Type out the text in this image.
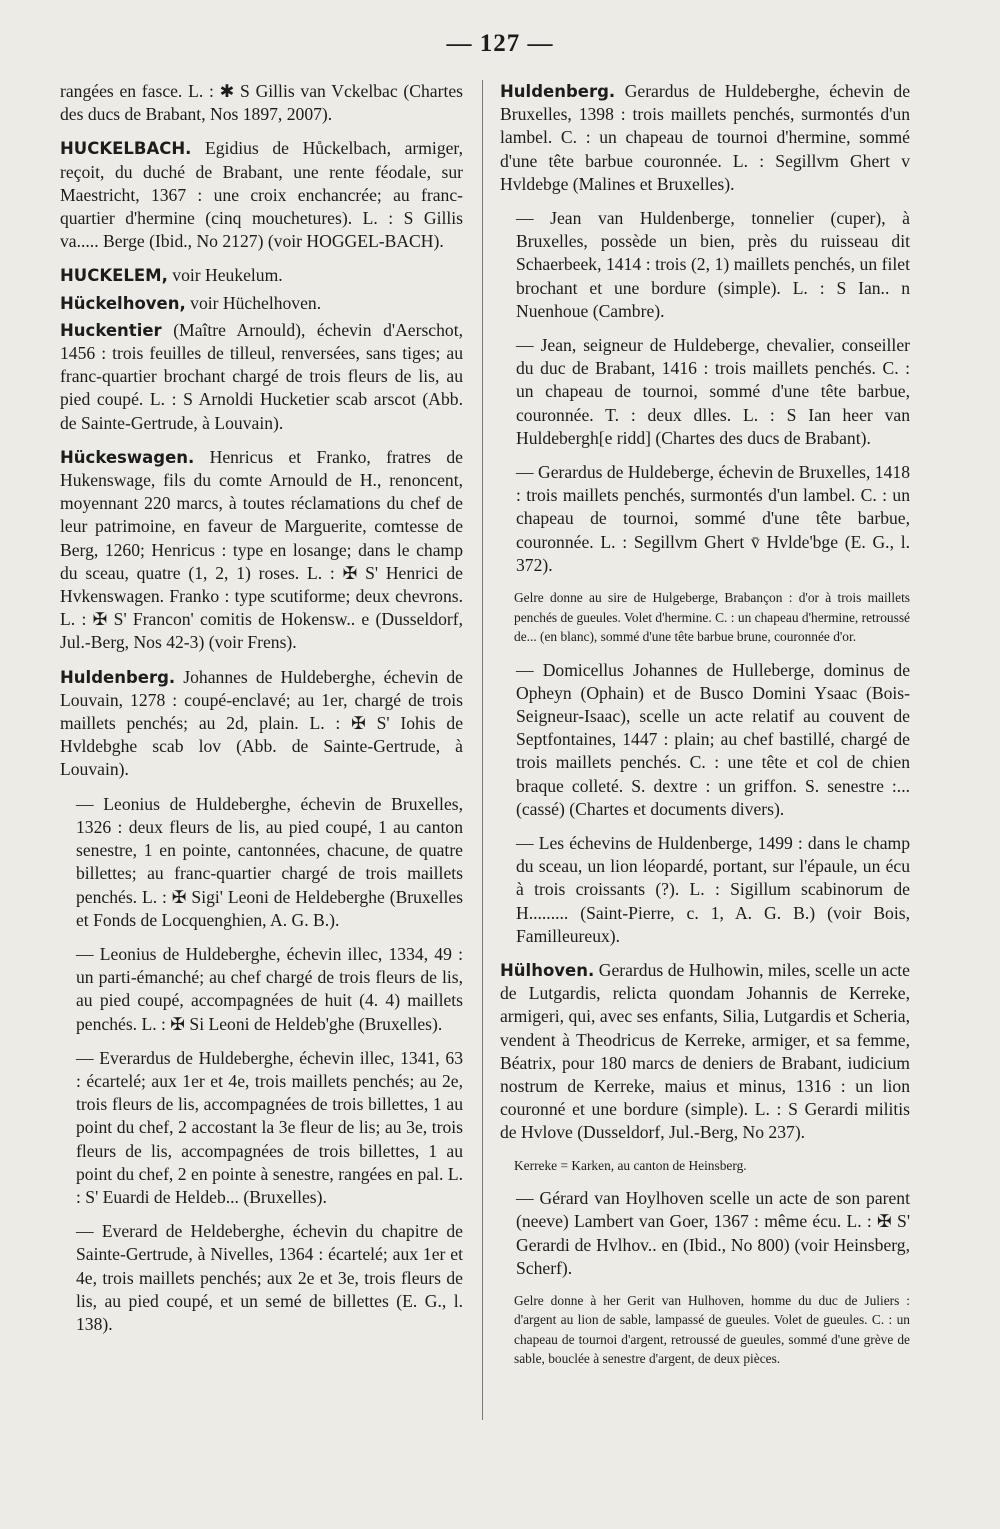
— 127 —

rangées en fasce. L. : ✱ S Gillis van Vckelbac (Chartes des ducs de Brabant, Nos 1897, 2007).

HUCKELBACH. Egidius de Hůckelbach, armiger, reçoit, du duché de Brabant, une rente féodale, sur Maestricht, 1367 : une croix enchancrée; au franc-quartier d'hermine (cinq mouchetures). L. : S Gillis va..... Berge (Ibid., No 2127) (voir HOGGEL-BACH).

HUCKELEM, voir Heukelum.

Hückelhoven, voir Hüchelhoven.

Huckentier (Maître Arnould), échevin d'Aerschot, 1456 : trois feuilles de tilleul, renversées, sans tiges; au franc-quartier brochant chargé de trois fleurs de lis, au pied coupé. L. : S Arnoldi Hucketier scab arscot (Abb. de Sainte-Gertrude, à Louvain).

Hückeswagen. Henricus et Franko, fratres de Hukenswage, fils du comte Arnould de H., renoncent, moyennant 220 marcs, à toutes réclamations du chef de leur patrimoine, en faveur de Marguerite, comtesse de Berg, 1260; Henricus : type en losange; dans le champ du sceau, quatre (1, 2, 1) roses. L. : ✠ S' Henrici de Hvkenswagen. Franko : type scutiforme; deux chevrons. L. : ✠ S' Francon' comitis de Hokensw.. e (Dusseldorf, Jul.-Berg, Nos 42-3) (voir Frens).

Huldenberg. Johannes de Huldeberghe, échevin de Louvain, 1278 : coupé-enclavé; au 1er, chargé de trois maillets penchés; au 2d, plain. L. : ✠ S' Iohis de Hvldebghe scab lov (Abb. de Sainte-Gertrude, à Louvain).

— Leonius de Huldeberghe, échevin de Bruxelles, 1326 : deux fleurs de lis, au pied coupé, 1 au canton senestre, 1 en pointe, cantonnées, chacune, de quatre billettes; au franc-quartier chargé de trois maillets penchés. L. : ✠ Sigi' Leoni de Heldeberghe (Bruxelles et Fonds de Locquenghien, A. G. B.).

— Leonius de Huldeberghe, échevin illec, 1334, 49 : un parti-émanché; au chef chargé de trois fleurs de lis, au pied coupé, accompagnées de huit (4. 4) maillets penchés. L. : ✠ Si Leoni de Heldeb'ghe (Bruxelles).

— Everardus de Huldeberghe, échevin illec, 1341, 63 : écartelé; aux 1er et 4e, trois maillets penchés; au 2e, trois fleurs de lis, accompagnées de trois billettes, 1 au point du chef, 2 accostant la 3e fleur de lis; au 3e, trois fleurs de lis, accompagnées de trois billettes, 1 au point du chef, 2 en pointe à senestre, rangées en pal. L. : S' Euardi de Heldeb... (Bruxelles).

— Everard de Heldeberghe, échevin du chapitre de Sainte-Gertrude, à Nivelles, 1364 : écartelé; aux 1er et 4e, trois maillets penchés; aux 2e et 3e, trois fleurs de lis, au pied coupé, et un semé de billettes (E. G., l. 138).

Huldenberg. Gerardus de Huldeberghe, échevin de Bruxelles, 1398 : trois maillets penchés, surmontés d'un lambel. C. : un chapeau de tournoi d'hermine, sommé d'une tête barbue couronnée. L. : Segillvm Ghert v Hvldebge (Malines et Bruxelles).

— Jean van Huldenberge, tonnelier (cuper), à Bruxelles, possède un bien, près du ruisseau dit Schaerbeek, 1414 : trois (2, 1) maillets penchés, un filet brochant et une bordure (simple). L. : S Ian.. n Nuenhoue (Cambre).

— Jean, seigneur de Huldeberge, chevalier, conseiller du duc de Brabant, 1416 : trois maillets penchés. C. : un chapeau de tournoi, sommé d'une tête barbue, couronnée. T. : deux dlles. L. : S Ian heer van Huldebergh[e ridd] (Chartes des ducs de Brabant).

— Gerardus de Huldeberge, échevin de Bruxelles, 1418 : trois maillets penchés, surmontés d'un lambel. C. : un chapeau de tournoi, sommé d'une tête barbue, couronnée. L. : Segillvm Ghert v̄ Hvlde'bge (E. G., l. 372).

Gelre donne au sire de Hulgeberge, Brabançon : d'or à trois maillets penchés de gueules. Volet d'hermine. C. : un chapeau d'hermine, retroussé de... (en blanc), sommé d'une tête barbue brune, couronnée d'or.

— Domicellus Johannes de Hulleberge, dominus de Opheyn (Ophain) et de Busco Domini Ysaac (Bois-Seigneur-Isaac), scelle un acte relatif au couvent de Septfontaines, 1447 : plain; au chef bastillé, chargé de trois maillets penchés. C. : une tête et col de chien braque colleté. S. dextre : un griffon. S. senestre :... (cassé) (Chartes et documents divers).

— Les échevins de Huldenberge, 1499 : dans le champ du sceau, un lion léopardé, portant, sur l'épaule, un écu à trois croissants (?). L. : Sigillum scabinorum de H......... (Saint-Pierre, c. 1, A. G. B.) (voir Bois, Familleureux).

Hülhoven. Gerardus de Hulhowin, miles, scelle un acte de Lutgardis, relicta quondam Johannis de Kerreke, armigeri, qui, avec ses enfants, Silia, Lutgardis et Scheria, vendent à Theodricus de Kerreke, armiger, et sa femme, Béatrix, pour 180 marcs de deniers de Brabant, iudicium nostrum de Kerreke, maius et minus, 1316 : un lion couronné et une bordure (simple). L. : S Gerardi militis de Hvlove (Dusseldorf, Jul.-Berg, No 237).

Kerreke = Karken, au canton de Heinsberg.

— Gérard van Hoylhoven scelle un acte de son parent (neeve) Lambert van Goer, 1367 : même écu. L. : ✠ S' Gerardi de Hvlhov.. en (Ibid., No 800) (voir Heinsberg, Scherf).

Gelre donne à her Gerit van Hulhoven, homme du duc de Juliers : d'argent au lion de sable, lampassé de gueules. Volet de gueules. C. : un chapeau de tournoi d'argent, retroussé de gueules, sommé d'une grève de sable, bouclée à senestre d'argent, de deux pièces.
